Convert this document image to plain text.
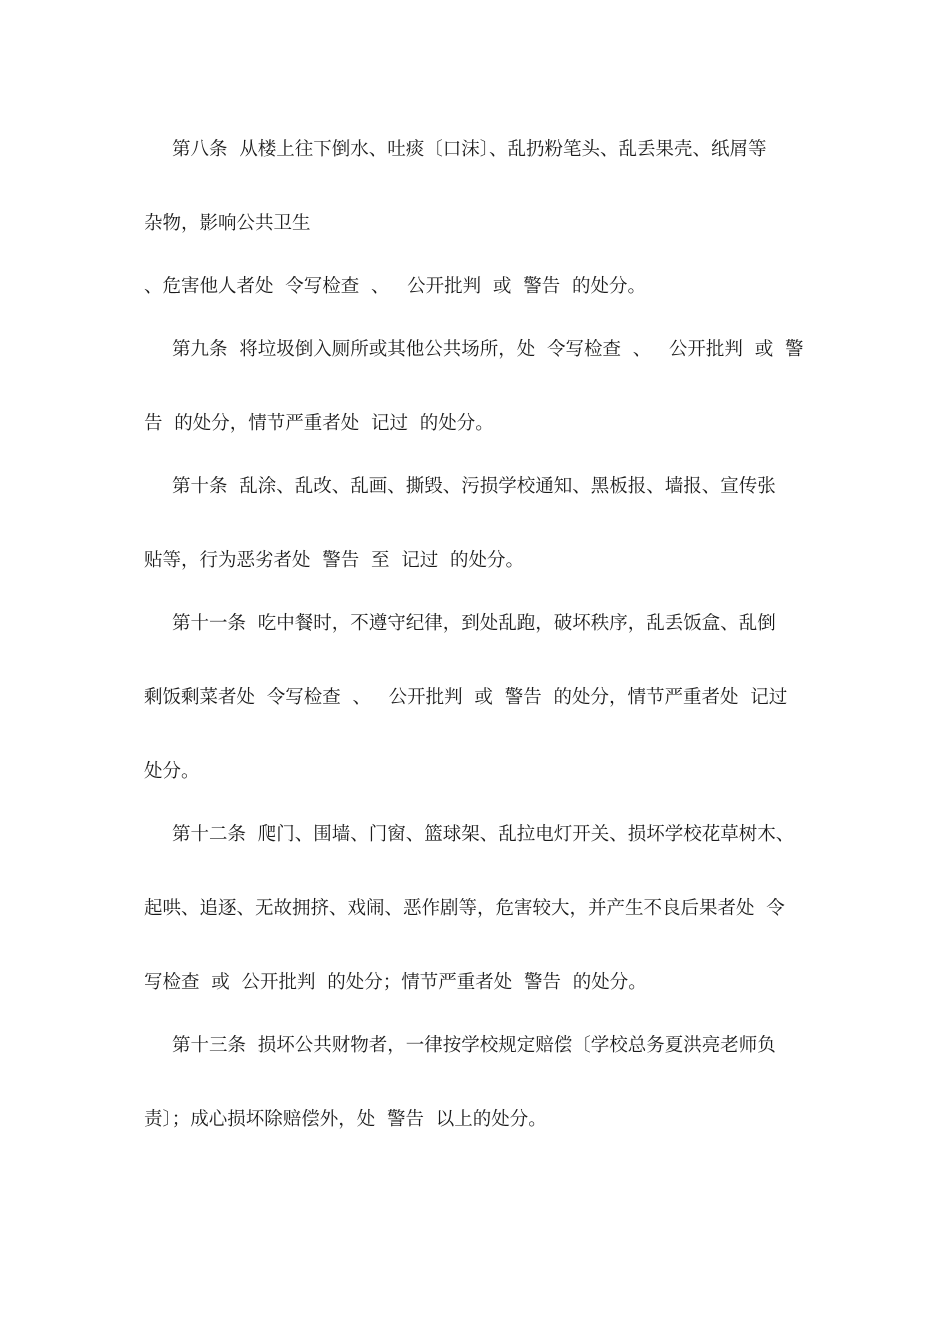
第八条  从楼上往下倒水、吐痰〔口沫〕、乱扔粉笔头、乱丢果壳、纸屑等
杂物，影响公共卫生
、危害他人者处  令写检查  、   公开批判  或  警告  的处分。
第九条  将垃圾倒入厕所或其他公共场所，处  令写检查  、   公开批判  或  警
告  的处分，情节严重者处  记过  的处分。
第十条  乱涂、乱改、乱画、撕毁、污损学校通知、黑板报、墙报、宣传张
贴等，行为恶劣者处  警告  至  记过  的处分。
第十一条  吃中餐时，不遵守纪律，到处乱跑，破坏秩序，乱丢饭盒、乱倒
剩饭剩菜者处  令写检查  、   公开批判  或  警告  的处分，情节严重者处  记过
处分。
第十二条  爬门、围墙、门窗、篮球架、乱拉电灯开关、损坏学校花草树木、
起哄、追逐、无故拥挤、戏闹、恶作剧等，危害较大，并产生不良后果者处  令
写检查  或  公开批判  的处分；情节严重者处  警告  的处分。
第十三条  损坏公共财物者，一律按学校规定赔偿〔学校总务夏洪亮老师负
责〕；成心损坏除赔偿外，处  警告  以上的处分。
